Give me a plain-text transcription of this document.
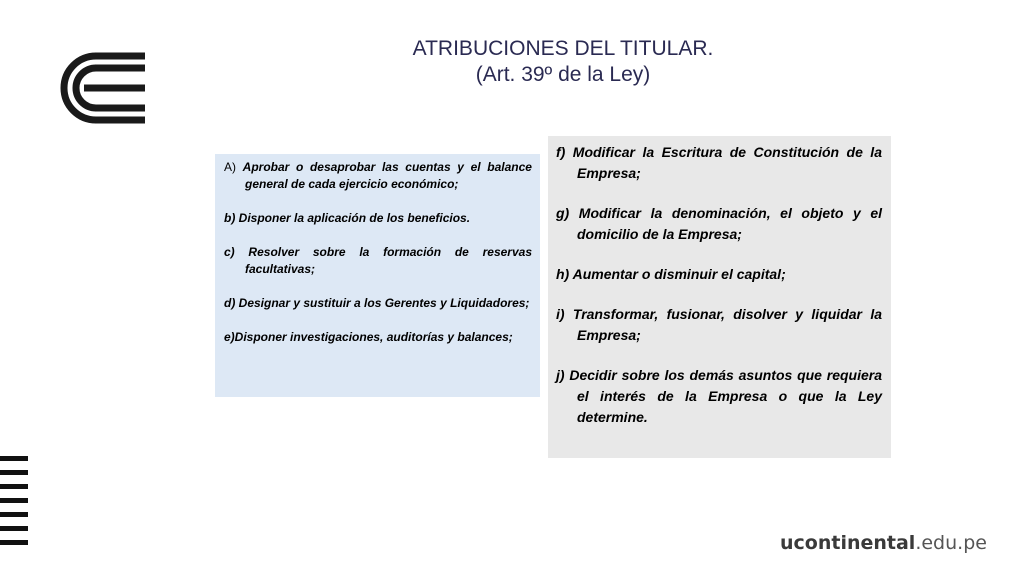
ATRIBUCIONES DEL TITULAR.
(Art. 39º de la Ley)

A) Aprobar o desaprobar las cuentas y el balance general de cada ejercicio económico;

b) Disponer la aplicación de los beneficios.

c) Resolver sobre la formación de reservas facultativas;

d) Designar y sustituir a los Gerentes y Liquidadores;

e)Disponer investigaciones, auditorías y balances;

f) Modificar la Escritura de Constitución de la Empresa;

g) Modificar la denominación, el objeto y el domicilio de la Empresa;

h) Aumentar o disminuir el capital;

i) Transformar, fusionar, disolver y liquidar la Empresa;

j) Decidir sobre los demás asuntos que requiera el interés de la Empresa o que la Ley determine.

ucontinental.edu.pe
